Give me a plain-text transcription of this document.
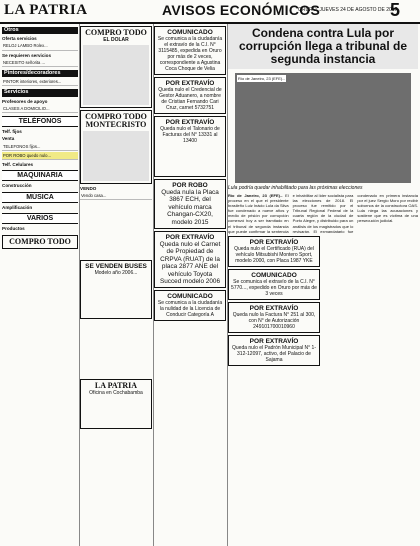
LA PATRIA	AVISOS ECONÓMICOS
ORURO, JUEVES 24 DE AGOSTO DE 2017
5
Otros
Oferta servicios
RELOJ LAMBO Rolex...
Se requieren servicios
NECESITO señorita ...
Pintores/decoradores
PINTOR interiores, exteriores...
Servicios
Profesores de apoyo
CLASES A DOMICILIO...
TELÉFONOS
Telf. fijos
Venta
TELEFONOS fijos...
POR ROBO quedo nulo...
Telf. Celulares
MAQUINARIA
Construcción
MÚSICA
Amplificación
VARIOS
Productos
COMPRO TODO
COMPRO TODO
EL DOLAR
COMPRO TODO MONTECRISTO
VENDO
Vendo casa...
SE VENDEN BUSES
Modelo año 2006...
LA PATRIA
Oficina en Cochabamba
COMUNICADO
Se comunica a la ciudadanía el extravío de la C.I. N° 3115485, expedida en Oruro por más de 2 veces, correspondiente a Agustina Coca Choque de Velia
POR EXTRAVÍO
Queda nulo el Credencial de Gestor Aduanero, a nombre de Cristian Fernando Cari Cruz, carnet 5732751
POR EXTRAVÍO
Queda nulo el Talonario de Facturas del N° 13331 al 13400
POR ROBO
Queda nula la Placa 3867 ECH, del vehículo marca Changan-CX20, modelo 2015
POR EXTRAVÍO
Queda nulo el Carnet de Propiedad de CRPVA (RUAT) de la placa 2877 ANE del vehículo Toyota Succed modelo 2006
COMUNICADO
Se comunica a la ciudadanía la nulidad de la Licencia de Conducir Categoría A
Condena contra Lula por corrupción llega a tribunal de segunda instancia
Río de Janeiro, 23 (EFE).-
Lula podría quedar inhabilitado para las próximas elecciones
Río de Janeiro, 23 (EFE).- El proceso en el que el presidente brasileño Luiz Inácio Lula da Silva fue condenado a nueve años y medio de prisión por corrupción comenzó hoy a ser tramitado en el tribunal de segunda instancia que puede confirmar la sentencia e inhabilitar al líder socialista para las elecciones de 2018. El proceso fue remitido por el Tribunal Regional Federal de la cuarta región de la ciudad de Porto Alegre, y distribuido para un análisis de los magistrados que lo revisarán. El exmandatario fue condenado en primera instancia por el juez Sergio Moro por recibir sobornos de la constructora OAS. Lula niega las acusaciones y sostiene que es víctima de una persecución judicial.
POR EXTRAVÍO
Queda nulo el Certificado (RUA) del vehículo Mitsubishi Montero Sport, modelo 2000, con Placa 1987 YKE
COMUNICADO
Se comunica el extravío de la C.I. N° 5770..., expedido en Oruro por más de 3 veces
POR EXTRAVÍO
Queda nulo la Factura N° 251 al 300, con N° de Autorización 249101700010960
POR EXTRAVÍO
Queda nulo el Padrón Municipal N° 1-312-12097, activo, del Palacio de Sajama
